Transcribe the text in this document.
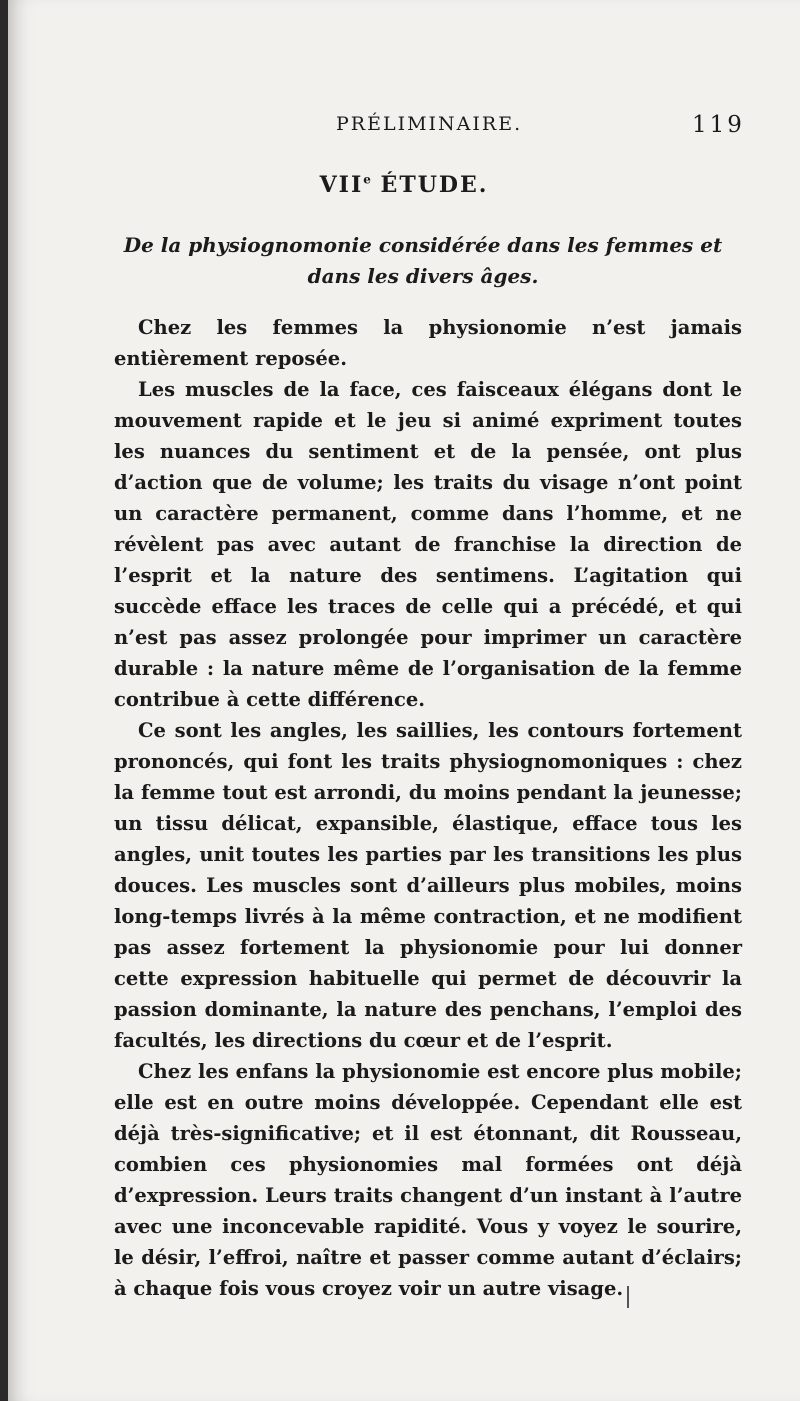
PRÉLIMINAIRE.	119
VIIe ÉTUDE.
De la physiognomonie considérée dans les femmes et dans les divers âges.

Chez les femmes la physionomie n’est jamais entièrement reposée.

Les muscles de la face, ces faisceaux élégans dont le mouvement rapide et le jeu si animé expriment toutes les nuances du sentiment et de la pensée, ont plus d’action que de volume; les traits du visage n’ont point un caractère permanent, comme dans l’homme, et ne révèlent pas avec autant de franchise la direction de l’esprit et la nature des sentimens. L’agitation qui succède efface les traces de celle qui a précédé, et qui n’est pas assez prolongée pour imprimer un caractère durable : la nature même de l’organisation de la femme contribue à cette différence.

Ce sont les angles, les saillies, les contours fortement prononcés, qui font les traits physiognomoniques : chez la femme tout est arrondi, du moins pendant la jeunesse; un tissu délicat, expansible, élastique, efface tous les angles, unit toutes les parties par les transitions les plus douces. Les muscles sont d’ailleurs plus mobiles, moins long-temps livrés à la même contraction, et ne modifient pas assez fortement la physionomie pour lui donner cette expression habituelle qui permet de découvrir la passion dominante, la nature des penchans, l’emploi des facultés, les directions du cœur et de l’esprit.

Chez les enfans la physionomie est encore plus mobile; elle est en outre moins développée. Cependant elle est déjà très-significative; et il est étonnant, dit Rousseau, combien ces physionomies mal formées ont déjà d’expression. Leurs traits changent d’un instant à l’autre avec une inconcevable rapidité. Vous y voyez le sourire, le désir, l’effroi, naître et passer comme autant d’éclairs; à chaque fois vous croyez voir un autre visage.
